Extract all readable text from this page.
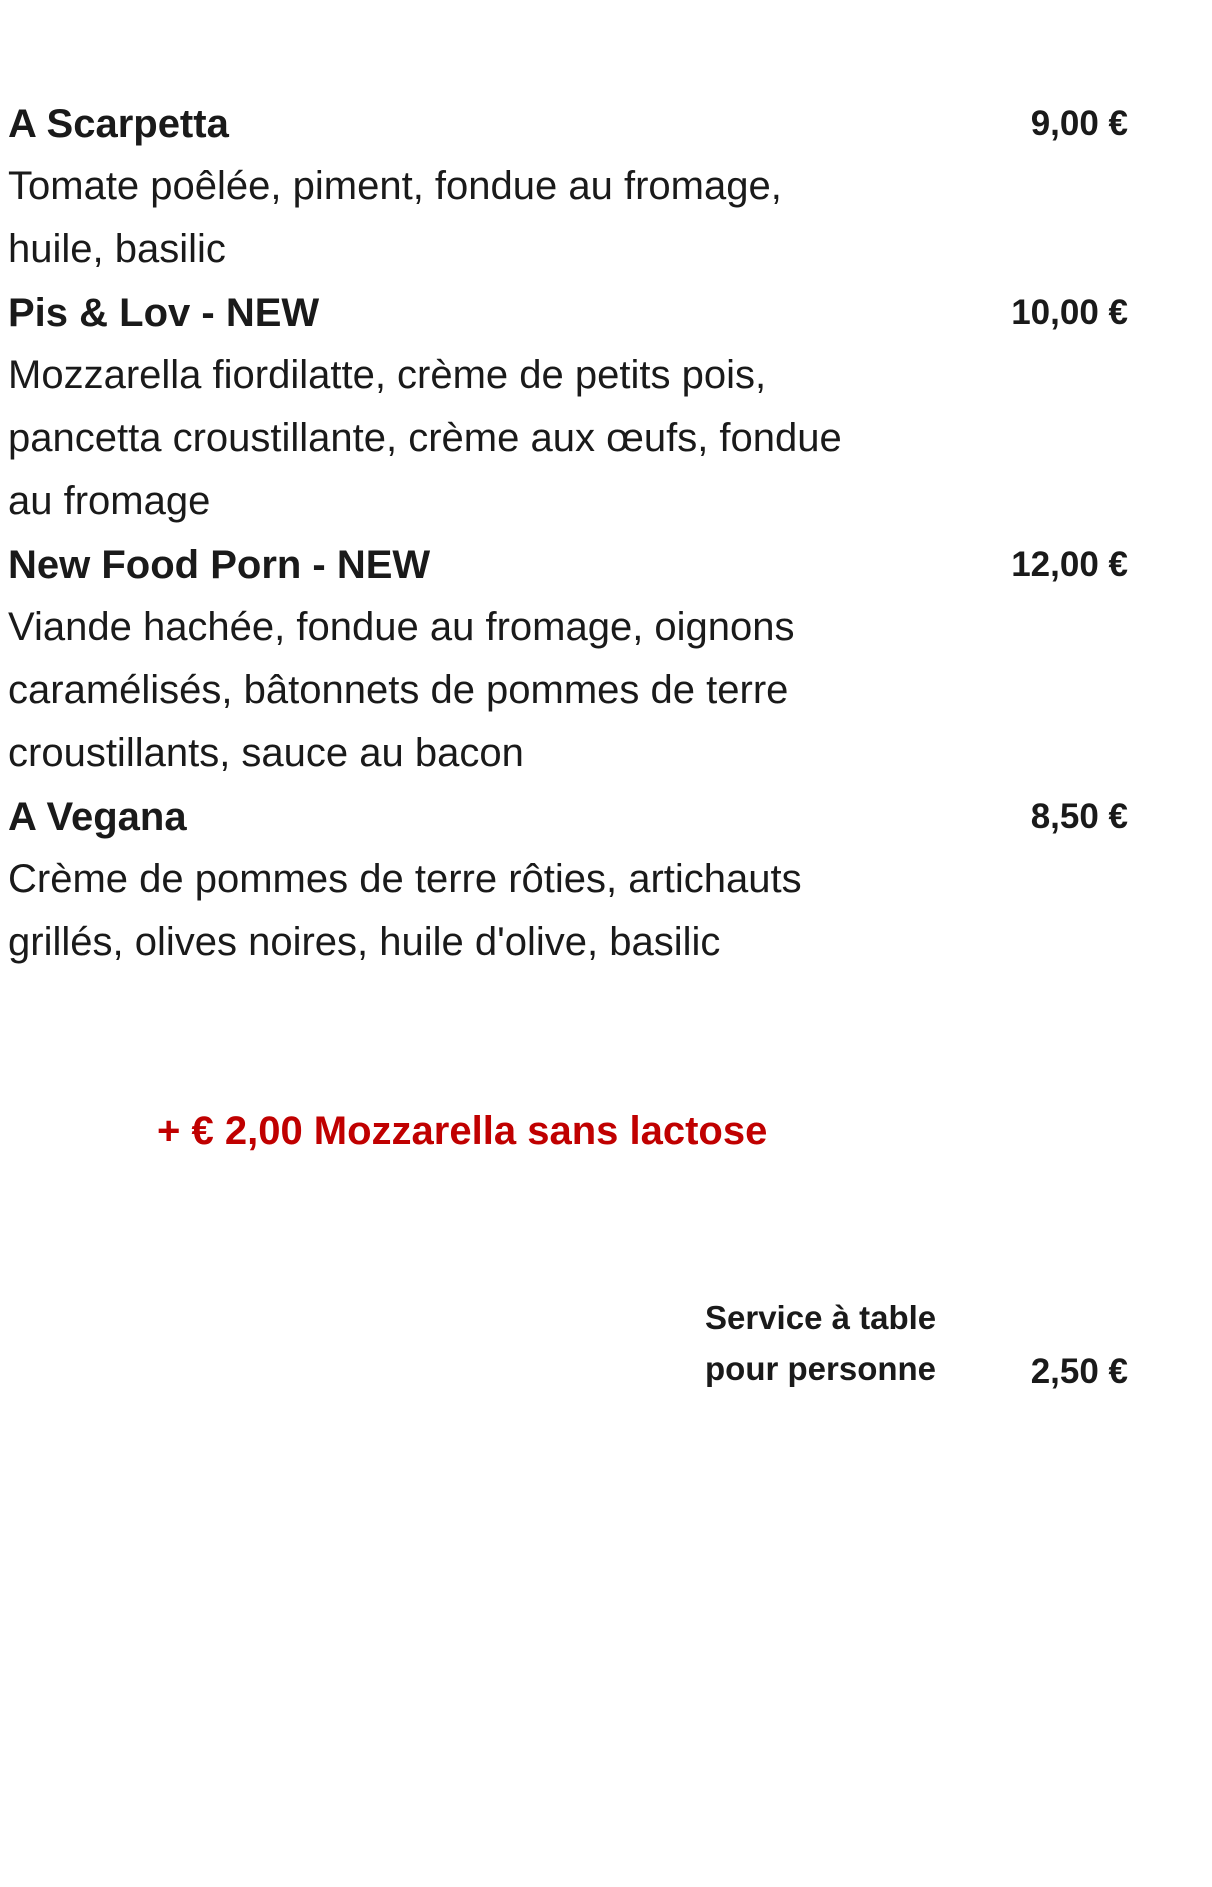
A Scarpetta	9,00 €
Tomate poêlée, piment, fondue au fromage,
huile, basilic
Pis & Lov - NEW	10,00 €
Mozzarella fiordilatte, crème de petits pois,
pancetta croustillante, crème aux œufs, fondue
au fromage
New Food Porn - NEW	12,00 €
Viande hachée, fondue au fromage, oignons
caramélisés, bâtonnets de pommes de terre
croustillants, sauce au bacon
A Vegana	8,50 €
Crème de pommes de terre rôties, artichauts
grillés, olives noires, huile d'olive, basilic
+ € 2,00 Mozzarella sans lactose
Service à table
pour personne	2,50 €
